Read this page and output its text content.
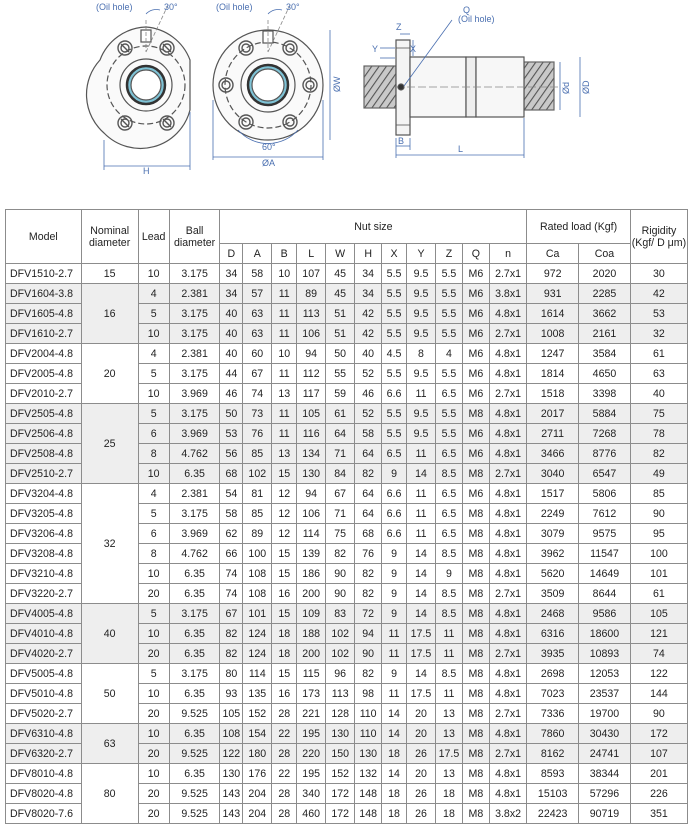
(Oil hole)	30°
H
(Oil hole)	30°
60°
ØA
ØW
Z
Q
(Oil hole)
Y	X
B
L
Ød ØD
Model	Nominal diameter	Lead	Ball diameter	Nut size											Rated load (Kgf)		Rigidity (Kgf/ D μm)
				D	A	B	L	W	H	X	Y	Z	Q	n	Ca	Coa	
DFV1510-2.7	15	10	3.175	34	58	10	107	45	34	5.5	9.5	5.5	M6	2.7x1	972	2020	30
DFV1604-3.8	16	4	2.381	34	57	11	89	45	34	5.5	9.5	5.5	M6	3.8x1	931	2285	42
DFV1605-4.8		5	3.175	40	63	11	113	51	42	5.5	9.5	5.5	M6	4.8x1	1614	3662	53
DFV1610-2.7		10	3.175	40	63	11	106	51	42	5.5	9.5	5.5	M6	2.7x1	1008	2161	32
DFV2004-4.8	20	4	2.381	40	60	10	94	50	40	4.5	8	4	M6	4.8x1	1247	3584	61
DFV2005-4.8		5	3.175	44	67	11	112	55	52	5.5	9.5	5.5	M6	4.8x1	1814	4650	63
DFV2010-2.7		10	3.969	46	74	13	117	59	46	6.6	11	6.5	M6	2.7x1	1518	3398	40
DFV2505-4.8	25	5	3.175	50	73	11	105	61	52	5.5	9.5	5.5	M8	4.8x1	2017	5884	75
DFV2506-4.8		6	3.969	53	76	11	116	64	58	5.5	9.5	5.5	M6	4.8x1	2711	7268	78
DFV2508-4.8		8	4.762	56	85	13	134	71	64	6.5	11	6.5	M6	4.8x1	3466	8776	82
DFV2510-2.7		10	6.35	68	102	15	130	84	82	9	14	8.5	M8	2.7x1	3040	6547	49
DFV3204-4.8	32	4	2.381	54	81	12	94	67	64	6.6	11	6.5	M6	4.8x1	1517	5806	85
DFV3205-4.8		5	3.175	58	85	12	106	71	64	6.6	11	6.5	M8	4.8x1	2249	7612	90
DFV3206-4.8		6	3.969	62	89	12	114	75	68	6.6	11	6.5	M8	4.8x1	3079	9575	95
DFV3208-4.8		8	4.762	66	100	15	139	82	76	9	14	8.5	M8	4.8x1	3962	11547	100
DFV3210-4.8		10	6.35	74	108	15	186	90	82	9	14	9	M8	4.8x1	5620	14649	101
DFV3220-2.7		20	6.35	74	108	16	200	90	82	9	14	8.5	M8	2.7x1	3509	8644	61
DFV4005-4.8	40	5	3.175	67	101	15	109	83	72	9	14	8.5	M8	4.8x1	2468	9586	105
DFV4010-4.8		10	6.35	82	124	18	188	102	94	11	17.5	11	M8	4.8x1	6316	18600	121
DFV4020-2.7		20	6.35	82	124	18	200	102	90	11	17.5	11	M8	2.7x1	3935	10893	74
DFV5005-4.8	50	5	3.175	80	114	15	115	96	82	9	14	8.5	M8	4.8x1	2698	12053	122
DFV5010-4.8		10	6.35	93	135	16	173	113	98	11	17.5	11	M8	4.8x1	7023	23537	144
DFV5020-2.7		20	9.525	105	152	28	221	128	110	14	20	13	M8	2.7x1	7336	19700	90
DFV6310-4.8	63	10	6.35	108	154	22	195	130	110	14	20	13	M8	4.8x1	7860	30430	172
DFV6320-2.7		20	9.525	122	180	28	220	150	130	18	26	17.5	M8	2.7x1	8162	24741	107
DFV8010-4.8	80	10	6.35	130	176	22	195	152	132	14	20	13	M8	4.8x1	8593	38344	201
DFV8020-4.8		20	9.525	143	204	28	340	172	148	18	26	18	M8	4.8x1	15103	57296	226
DFV8020-7.6		20	9.525	143	204	28	460	172	148	18	26	18	M8	3.8x2	22423	90719	351
